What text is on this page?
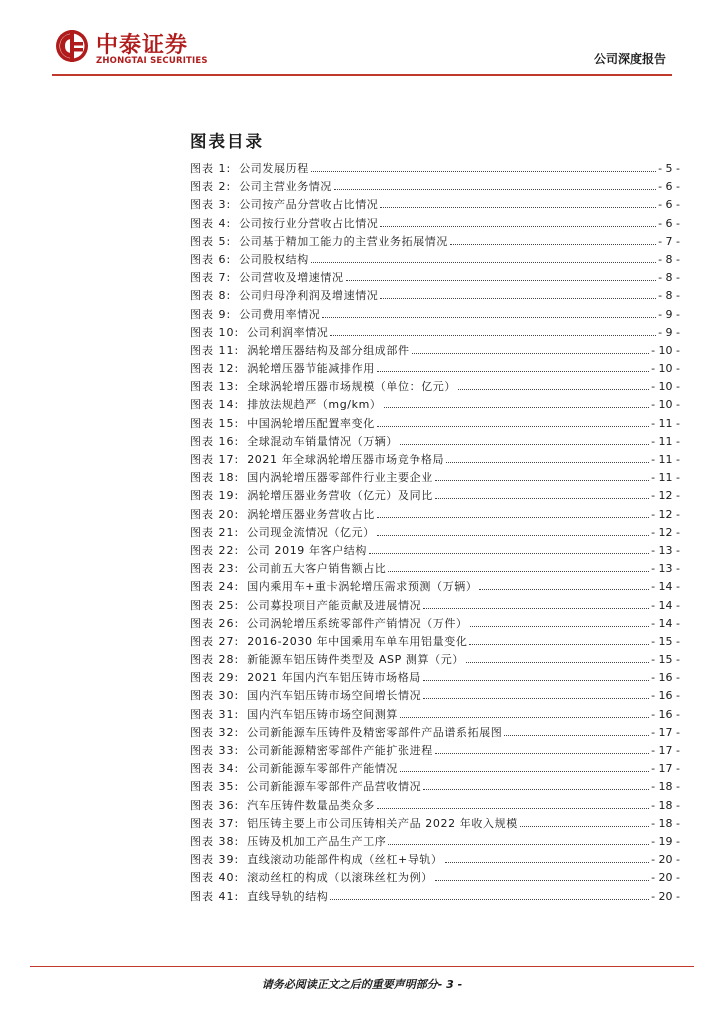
中泰证券
ZHONGTAI SECURITIES	公司深度报告
图表目录
图表 1: 公司发展历程	- 5 -
图表 2: 公司主营业务情况	- 6 -
图表 3: 公司按产品分营收占比情况	- 6 -
图表 4: 公司按行业分营收占比情况	- 6 -
图表 5: 公司基于精加工能力的主营业务拓展情况	- 7 -
图表 6: 公司股权结构	- 8 -
图表 7: 公司营收及增速情况	- 8 -
图表 8: 公司归母净利润及增速情况	- 8 -
图表 9: 公司费用率情况	- 9 -
图表 10: 公司利润率情况	- 9 -
图表 11: 涡轮增压器结构及部分组成部件	- 10 -
图表 12: 涡轮增压器节能减排作用	- 10 -
图表 13: 全球涡轮增压器市场规模（单位：亿元）	- 10 -
图表 14: 排放法规趋严（mg/km）	- 10 -
图表 15: 中国涡轮增压配置率变化	- 11 -
图表 16: 全球混动车销量情况（万辆）	- 11 -
图表 17: 2021 年全球涡轮增压器市场竞争格局	- 11 -
图表 18: 国内涡轮增压器零部件行业主要企业	- 11 -
图表 19: 涡轮增压器业务营收（亿元）及同比	- 12 -
图表 20: 涡轮增压器业务营收占比	- 12 -
图表 21: 公司现金流情况（亿元）	- 12 -
图表 22: 公司 2019 年客户结构	- 13 -
图表 23: 公司前五大客户销售额占比	- 13 -
图表 24: 国内乘用车+重卡涡轮增压需求预测（万辆）	- 14 -
图表 25: 公司募投项目产能贡献及进展情况	- 14 -
图表 26: 公司涡轮增压系统零部件产销情况（万件）	- 14 -
图表 27: 2016-2030 年中国乘用车单车用铝量变化	- 15 -
图表 28: 新能源车铝压铸件类型及 ASP 测算（元）	- 15 -
图表 29: 2021 年国内汽车铝压铸市场格局	- 16 -
图表 30: 国内汽车铝压铸市场空间增长情况	- 16 -
图表 31: 国内汽车铝压铸市场空间测算	- 16 -
图表 32: 公司新能源车压铸件及精密零部件产品谱系拓展图	- 17 -
图表 33: 公司新能源精密零部件产能扩张进程	- 17 -
图表 34: 公司新能源车零部件产能情况	- 17 -
图表 35: 公司新能源车零部件产品营收情况	- 18 -
图表 36: 汽车压铸件数量品类众多	- 18 -
图表 37: 铝压铸主要上市公司压铸相关产品 2022 年收入规模	- 18 -
图表 38: 压铸及机加工产品生产工序	- 19 -
图表 39: 直线滚动功能部件构成（丝杠+导轨）	- 20 -
图表 40: 滚动丝杠的构成（以滚珠丝杠为例）	- 20 -
图表 41: 直线导轨的结构	- 20 -
请务必阅读正文之后的重要声明部分- 3 -
